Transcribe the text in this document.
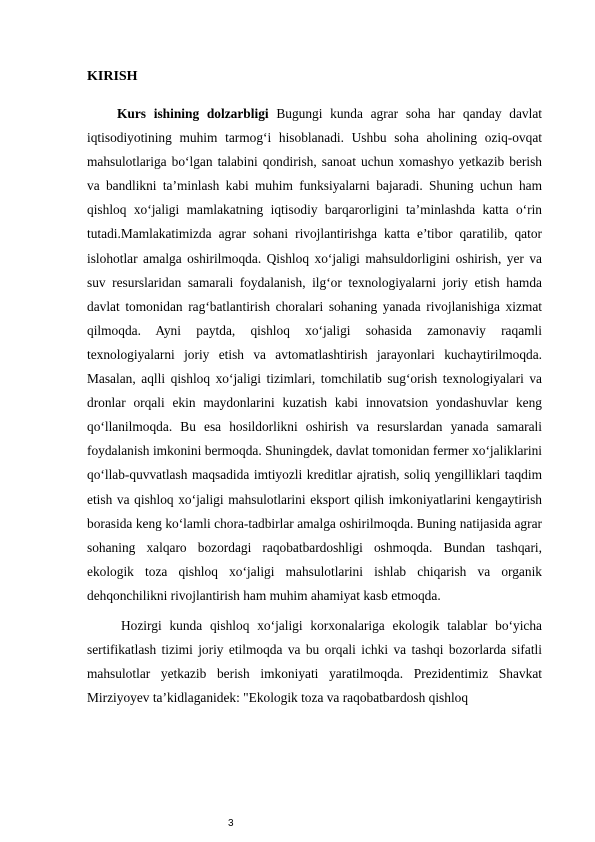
KIRISH

Kurs ishining dolzarbligi Bugungi kunda agrar soha har qanday davlat iqtisodiyotining muhim tarmog‘i hisoblanadi. Ushbu soha aholining oziq-ovqat mahsulotlariga bo‘lgan talabini qondirish, sanoat uchun xomashyo yetkazib berish va bandlikni ta’minlash kabi muhim funksiyalarni bajaradi. Shuning uchun ham qishloq xo‘jaligi mamlakatning iqtisodiy barqarorligini ta’minlashda katta o‘rin tutadi.Mamlakatimizda agrar sohani rivojlantirishga katta e’tibor qaratilib, qator islohotlar amalga oshirilmoqda. Qishloq xo‘jaligi mahsuldorligini oshirish, yer va suv resurslaridan samarali foydalanish, ilg‘or texnologiyalarni joriy etish hamda davlat tomonidan rag‘batlantirish choralari sohaning yanada rivojlanishiga xizmat qilmoqda. Ayni paytda, qishloq xo‘jaligi sohasida zamonaviy raqamli texnologiyalarni joriy etish va avtomatlashtirish jarayonlari kuchaytirilmoqda. Masalan, aqlli qishloq xo‘jaligi tizimlari, tomchilatib sug‘orish texnologiyalari va dronlar orqali ekin maydonlarini kuzatish kabi innovatsion yondashuvlar keng qo‘llanilmoqda. Bu esa hosildorlikni oshirish va resurslardan yanada samarali foydalanish imkonini bermoqda. Shuningdek, davlat tomonidan fermer xo‘jaliklarini qo‘llab-quvvatlash maqsadida imtiyozli kreditlar ajratish, soliq yengilliklari taqdim etish va qishloq xo‘jaligi mahsulotlarini eksport qilish imkoniyatlarini kengaytirish borasida keng ko‘lamli chora-tadbirlar amalga oshirilmoqda. Buning natijasida agrar sohaning xalqaro bozordagi raqobatbardoshligi oshmoqda. Bundan tashqari, ekologik toza qishloq xo‘jaligi mahsulotlarini ishlab chiqarish va organik dehqonchilikni rivojlantirish ham muhim ahamiyat kasb etmoqda.

Hozirgi kunda qishloq xo‘jaligi korxonalariga ekologik talablar bo‘yicha sertifikatlash tizimi joriy etilmoqda va bu orqali ichki va tashqi bozorlarda sifatli mahsulotlar yetkazib berish imkoniyati yaratilmoqda. Prezidentimiz Shavkat Mirziyoyev ta’kidlaganidek: "Ekologik toza va raqobatbardosh qishloq

3
